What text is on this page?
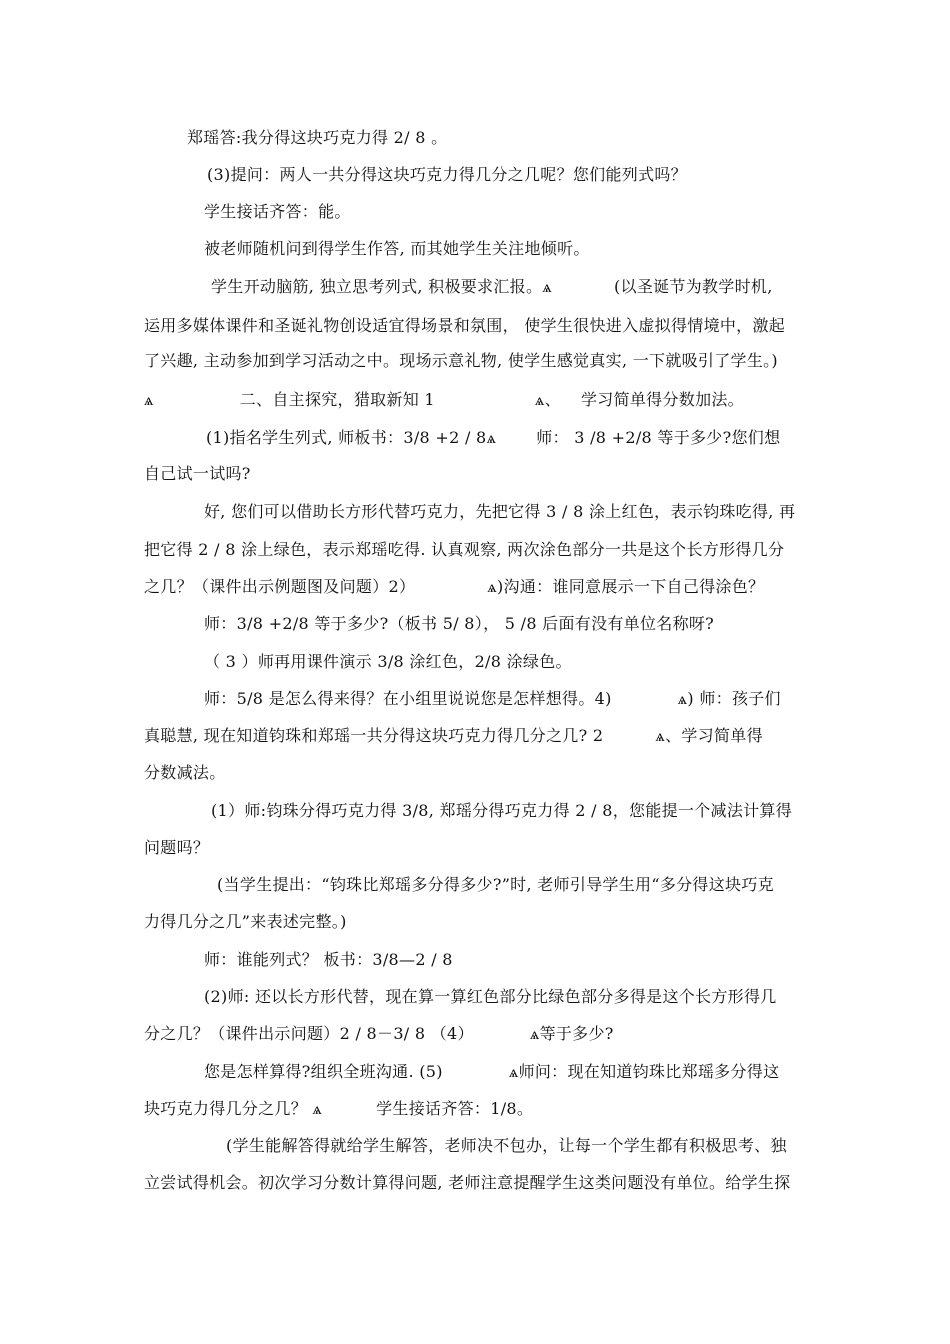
郑瑶答:我分得这块巧克力得 2/ 8 。
(3)提问：两人一共分得这块巧克力得几分之几呢？您们能列式吗？
学生接话齐答：能。
被老师随机问到得学生作答, 而其她学生关注地倾听。
学生开动脑筋, 独立思考列式, 积极要求汇报。ѧ	(以圣诞节为教学时机,
运用多媒体课件和圣诞礼物创设适宜得场景和氛围， 使学生很快进入虚拟得情境中，激起
了兴趣, 主动参加到学习活动之中。现场示意礼物, 使学生感觉真实, 一下就吸引了学生。)
ѧ	二、自主探究，猎取新知 1	ѧ、 学习简单得分数加法。
(1)指名学生列式, 师板书：3/8 +2 / 8ѧ	师： 3 /8 +2/8 等于多少?您们想
自己试一试吗?
好, 您们可以借助长方形代替巧克力，先把它得 3 / 8 涂上红色，表示钧珠吃得, 再
把它得 2 / 8 涂上绿色，表示郑瑶吃得. 认真观察, 两次涂色部分一共是这个长方形得几分
之几？（课件出示例题图及问题）2）	ѧ)沟通：谁同意展示一下自己得涂色？
师：3/8 +2/8 等于多少?（板书 5/ 8）， 5 /8 后面有没有单位名称呀?
（ 3 ）师再用课件演示 3/8 涂红色，2/8 涂绿色。
师：5/8 是怎么得来得？在小组里说说您是怎样想得。4)	ѧ) 师：孩子们
真聪慧, 现在知道钧珠和郑瑶一共分得这块巧克力得几分之几? 2	ѧ、学习简单得
分数减法。
(1）师:钧珠分得巧克力得 3/8, 郑瑶分得巧克力得 2 / 8，您能提一个减法计算得
问题吗？
(当学生提出：“钧珠比郑瑶多分得多少?”时, 老师引导学生用“多分得这块巧克
力得几分之几”来表述完整。)
师：谁能列式？ 板书：3/8—2 / 8
(2)师: 还以长方形代替，现在算一算红色部分比绿色部分多得是这个长方形得几
分之几？（课件出示问题）2 / 8－3/ 8 （4）	ѧ等于多少?
您是怎样算得?组织全班沟通. (5)	ѧ师问：现在知道钧珠比郑瑶多分得这
块巧克力得几分之几？ ѧ	学生接话齐答：1/8。
(学生能解答得就给学生解答，老师决不包办，让每一个学生都有积极思考、独
立尝试得机会。初次学习分数计算得问题, 老师注意提醒学生这类问题没有单位。给学生探
